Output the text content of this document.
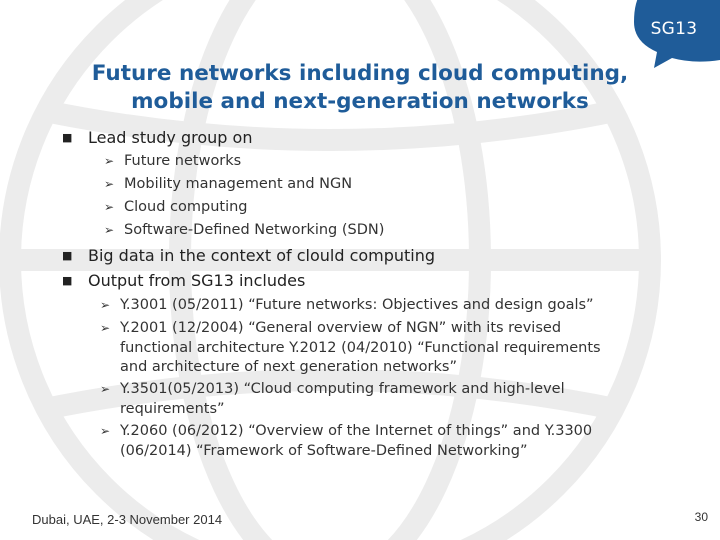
SG13
Future networks including cloud computing,
mobile and next-generation networks
■ Lead study group on
➢ Future networks
➢ Mobility management and NGN
➢ Cloud computing
➢ Software-Defined Networking (SDN)
■ Big data in the context of clould computing
■ Output from SG13 includes
➢ Y.3001 (05/2011) “Future networks: Objectives and design goals”
➢ Y.2001 (12/2004) “General overview of NGN” with its revised
functional architecture Y.2012 (04/2010) “Functional requirements
and architecture of next generation networks”
➢ Y.3501(05/2013) “Cloud computing framework and high-level
requirements”
➢ Y.2060 (06/2012) “Overview of the Internet of things” and Y.3300
(06/2014) “Framework of Software-Defined Networking”
Dubai, UAE, 2-3 November 2014	30
